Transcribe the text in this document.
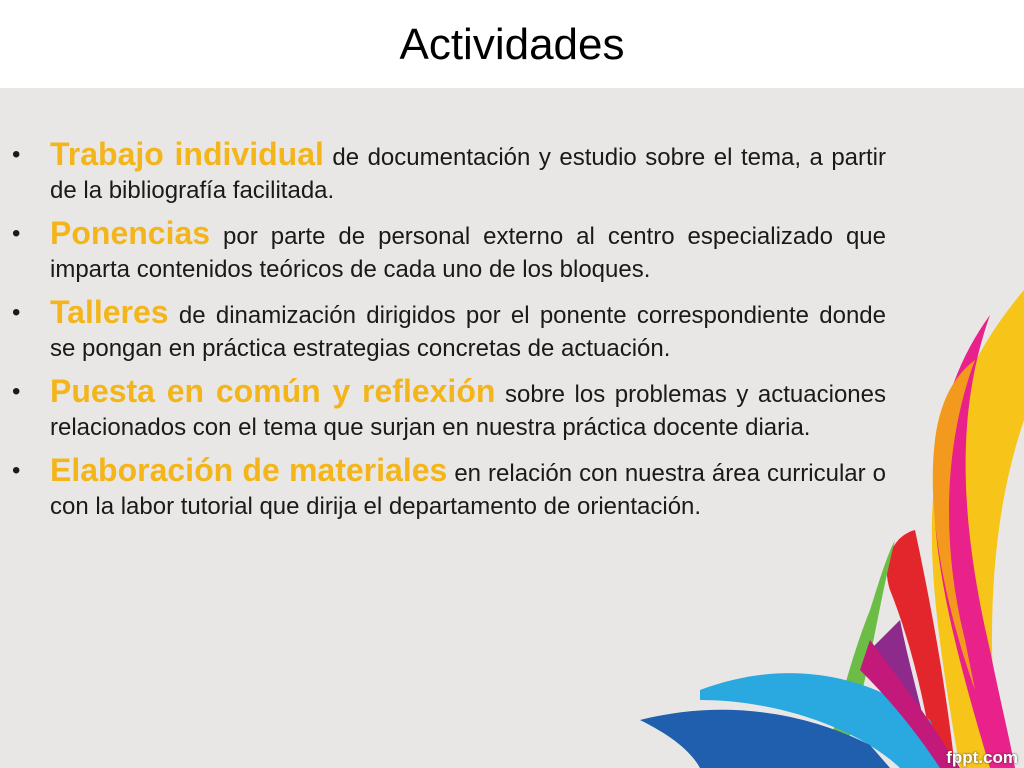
Actividades
• Trabajo individual de documentación y estudio sobre el tema, a partir de la bibliografía facilitada.
• Ponencias por parte de personal externo al centro especializado que imparta contenidos teóricos de cada uno de los bloques.
• Talleres de dinamización dirigidos por el ponente correspondiente donde se pongan en práctica estrategias concretas de actuación.
• Puesta en común y reflexión sobre los problemas y actuaciones relacionados con el tema que surjan en nuestra práctica docente diaria.
• Elaboración de materiales en relación con nuestra área curricular o con la labor tutorial que dirija el departamento de orientación.
fppt.com
